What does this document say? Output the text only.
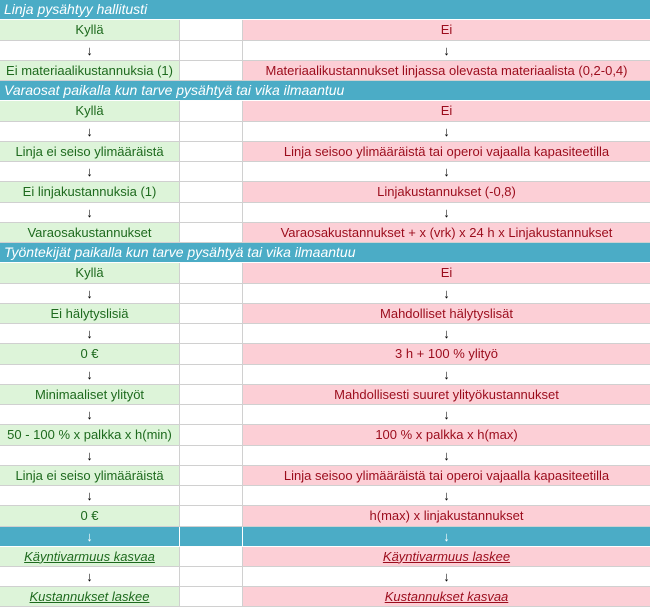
Linja pysähtyy hallitusti
Kyllä	Ei
↓	↓
Ei materiaalikustannuksia (1)	Materiaalikustannukset linjassa olevasta materiaalista (0,2-0,4)
Varaosat paikalla kun tarve pysähtyä tai vika ilmaantuu
Kyllä	Ei
↓	↓
Linja ei seiso ylimääräistä	Linja seisoo ylimääräistä tai operoi vajaalla kapasiteetilla
↓	↓
Ei linjakustannuksia (1)	Linjakustannukset (-0,8)
↓	↓
Varaosakustannukset	Varaosakustannukset + x (vrk) x 24 h x Linjakustannukset
Työntekijät paikalla kun tarve pysähtyä tai vika ilmaantuu
Kyllä	Ei
↓	↓
Ei hälytyslisiä	Mahdolliset hälytyslisät
↓	↓
0 €	3 h + 100 % ylityö
↓	↓
Minimaaliset ylityöt	Mahdollisesti suuret ylityökustannukset
↓	↓
50 - 100 % x palkka x h(min)	100 % x palkka x h(max)
↓	↓
Linja ei seiso ylimääräistä	Linja seisoo ylimääräistä tai operoi vajaalla kapasiteetilla
↓	↓
0 €	h(max) x linjakustannukset
↓	↓
Käyntivarmuus kasvaa	Käyntivarmuus laskee
↓	↓
Kustannukset laskee	Kustannukset kasvaa
